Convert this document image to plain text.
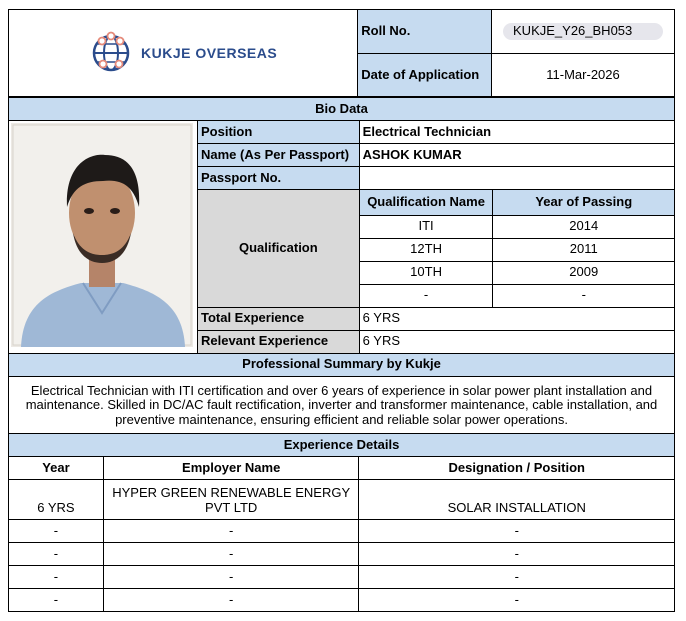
KUKJE OVERSEAS	Roll No.	KUKJE_Y26_BH053
	Date of Application	11-Mar-2026
Bio Data			
	Position	Electrical Technician	
	Name (As Per Passport)	ASHOK KUMAR	
	Passport No.		
	Qualification	Qualification Name	Year of Passing
		ITI	2014
		12TH	2011
		10TH	2009
		-	-
	Total Experience	6 YRS	
	Relevant Experience	6 YRS	
Professional Summary by Kukje			
Electrical Technician with ITI certification and over 6 years of experience in solar power plant installation and maintenance. Skilled in DC/AC fault rectification, inverter and transformer maintenance, cable installation, and preventive maintenance, ensuring efficient and reliable solar power operations.			
Experience Details		
Year	Employer Name	Designation / Position
6 YRS	HYPER GREEN RENEWABLE ENERGY PVT LTD	SOLAR INSTALLATION
-	-	-
-	-	-
-	-	-
-	-	-
